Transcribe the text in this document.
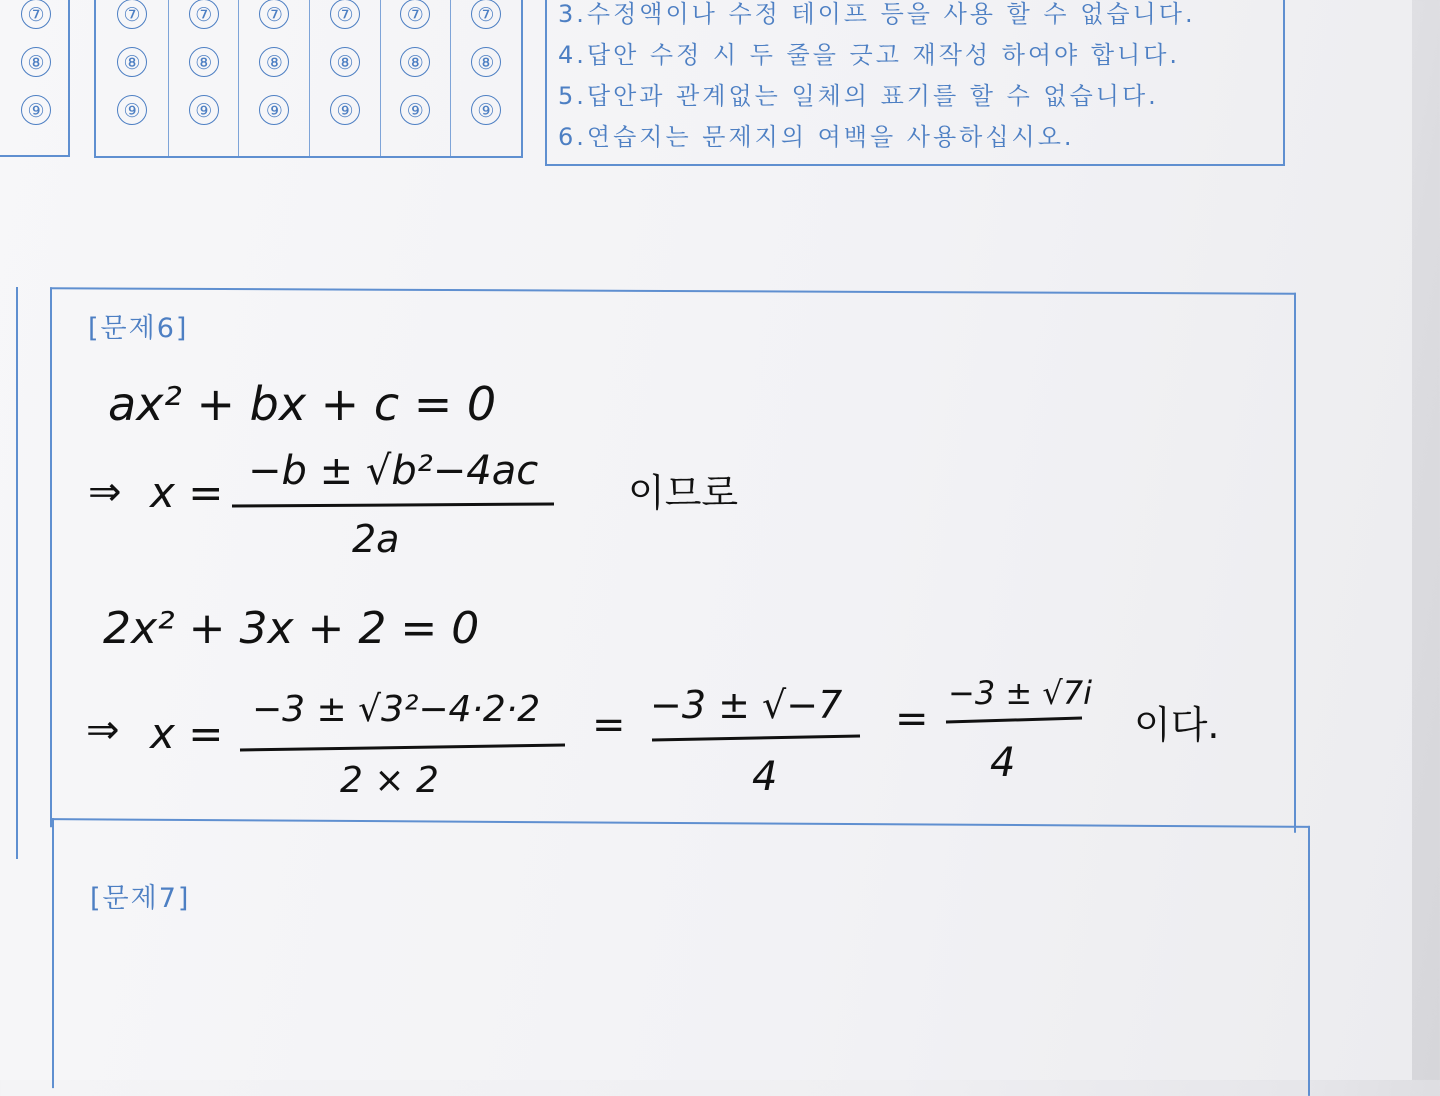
⑦
⑧
⑨
⑦
⑧
⑨
⑦
⑧
⑨
⑦
⑧
⑨
⑦
⑧
⑨
⑦
⑧
⑨
⑦
⑧
⑨
3.수정액이나 수정 테이프 등을 사용 할 수 없습니다.
4.답안 수정 시 두 줄을 긋고 재작성 하여야 합니다.
5.답안과 관계없는 일체의 표기를 할 수 없습니다.
6.연습지는 문제지의 여백을 사용하십시오.
[문제6]
[문제7]
ax² + bx + c = 0
⇒ x = −b ± √b²−4ac
2a
이므로
2x² + 3x + 2 = 0
⇒ x = −3 ± √3²−4·2·2
2 × 2
= −3 ± √−7
4
=
−3 ± √7i
4
이다.
